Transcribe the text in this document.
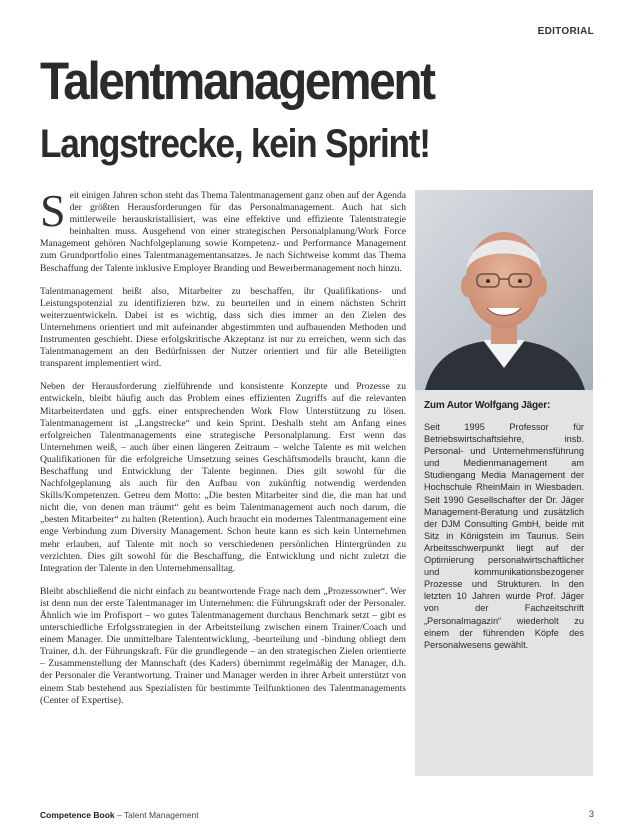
EDITORIAL
Talentmanagement
Langstrecke, kein Sprint!

Seit einigen Jahren schon steht das Thema Talentmanagement ganz oben auf der Agenda der größten Herausforderungen für das Personalmanagement. Auch hat sich mittlerweile herauskristallisiert, was eine effektive und effiziente Talentstrategie beinhalten muss. Ausgehend von einer strategischen Personalplanung/Work Force Management gehören Nachfolgeplanung sowie Kompetenz- und Performance Management zum Grundportfolio eines Talentmanagementansatzes. Je nach Sichtweise kommt das Thema Beschaffung der Talente inklusive Employer Branding und Bewerbermanagement noch hinzu.

Talentmanagement heißt also, Mitarbeiter zu beschaffen, ihr Qualifikations- und Leistungspotenzial zu identifizieren bzw. zu beurteilen und in einem nächsten Schritt weiterzuentwickeln. Dabei ist es wichtig, dass sich dies immer an den Zielen des Unternehmens orientiert und mit aufeinander abgestimmten und aufbauenden Methoden und Instrumenten geschieht. Diese erfolgskritische Akzeptanz ist nur zu erreichen, wenn sich das Talentmanagement an den Bedürfnissen der Nutzer orientiert und für alle Beteiligten transparent implementiert wird.

Neben der Herausforderung zielführende und konsistente Konzepte und Prozesse zu entwickeln, bleibt häufig auch das Problem eines effizienten Zugriffs auf die relevanten Mitarbeiterdaten und ggfs. einer entsprechenden Work Flow Unterstützung zu lösen. Talentmanagement ist „Langstrecke“ und kein Sprint. Deshalb steht am Anfang eines erfolgreichen Talentmanagements eine strategische Personalplanung. Erst wenn das Unternehmen weiß, – auch über einen längeren Zeitraum – welche Talente es mit welchen Qualifikationen für die erfolgreiche Umsetzung seines Geschäftsmodells braucht, kann die Beschaffung und Entwicklung der Talente beginnen. Dies gilt sowohl für die Nachfolgeplanung als auch für den Aufbau von zukünftig notwendig werdenden Skills/Kompetenzen. Getreu dem Motto: „Die besten Mitarbeiter sind die, die man hat und nicht die, von denen man träumt“ geht es beim Talentmanagement auch noch darum, die „besten Mitarbeiter“ zu halten (Retention). Auch braucht ein modernes Talentmanagement eine enge Verbindung zum Diversity Management. Schon heute kann es sich kein Unternehmen mehr erlauben, auf Talente mit noch so verschiedenen persönlichen Hintergründen zu verzichten. Dies gilt sowohl für die Beschaffung, die Entwicklung und nicht zuletzt die Integration der Talente in den Unternehmensalltag.

Bleibt abschließend die nicht einfach zu beantwortende Frage nach dem „Prozessowner“. Wer ist denn nun der erste Talentmanager im Unternehmen: die Führungskraft oder der Personaler. Ähnlich wie im Profisport – wo gutes Talentmanagement durchaus Benchmark setzt – gibt es unterschiedliche Erfolgsstrategien in der Arbeitsteilung zwischen einem Trainer/Coach und einem Manager. Die unmittelbare Talententwicklung, -beurteilung und -bindung obliegt dem Trainer, d.h. der Führungskraft. Für die grundlegende – an den strategischen Zielen orientierte – Zusammenstellung der Mannschaft (des Kaders) übernimmt regelmäßig der Manager, d.h. der Personaler die Verantwortung. Trainer und Manager werden in ihrer Arbeit unterstützt von einem Stab bestehend aus Spezialisten für bestimmte Teilfunktionen des Talentmanagements (Center of Expertise).

Zum Autor Wolfgang Jäger:

Seit 1995 Professor für Betriebswirtschaftslehre, insb. Personal- und Unternehmensführung und Medienmanagement am Studiengang Media Management der Hochschule RheinMain in Wiesbaden. Seit 1990 Gesellschafter der Dr. Jäger Management-Beratung und zusätzlich der DJM Consulting GmbH, beide mit Sitz in Königstein im Taunus. Sein Arbeitsschwerpunkt liegt auf der Optimierung personalwirtschaftlicher und kommunikationsbezogener Prozesse und Strukturen. In den letzten 10 Jahren wurde Prof. Jäger von der Fachzeitschrift „Personalmagazin“ wiederholt zu einem der führenden Köpfe des Personalwesens gewählt.

Competence Book – Talent Management	3
